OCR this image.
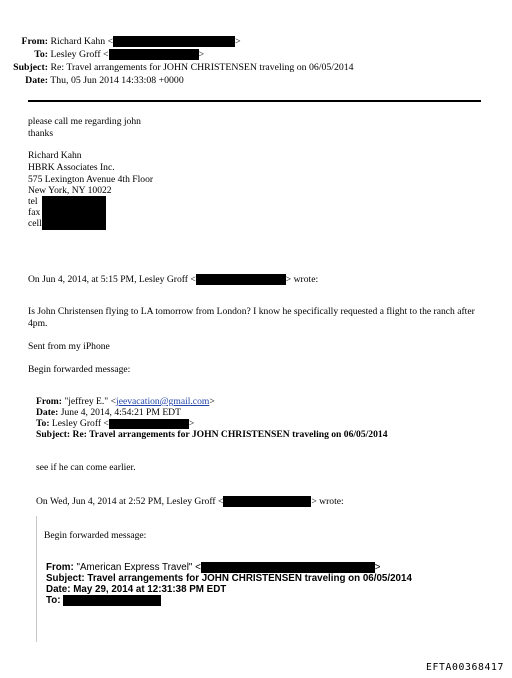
From: Richard Kahn <	>
To: Lesley Groff <	>
Subject: Re: Travel arrangements for JOHN CHRISTENSEN traveling on 06/05/2014
Date: Thu, 05 Jun 2014 14:33:08 +0000
please call me regarding john
thanks
Richard Kahn
HBRK Associates Inc.
575 Lexington Avenue 4th Floor
New York, NY 10022
tel
fax
cell
On Jun 4, 2014, at 5:15 PM, Lesley Groff <	> wrote:
Is John Christensen flying to LA tomorrow from London? I know he specifically requested a flight to the ranch after 4pm.
Sent from my iPhone
Begin forwarded message:
From: "jeffrey E." <jeevacation@gmail.com>
Date: June 4, 2014, 4:54:21 PM EDT
To: Lesley Groff <	>
Subject: Re: Travel arrangements for JOHN CHRISTENSEN traveling on 06/05/2014
see if he can come earlier.
On Wed, Jun 4, 2014 at 2:52 PM, Lesley Groff <	> wrote:
Begin forwarded message:
From: "American Express Travel" <	>
Subject: Travel arrangements for JOHN CHRISTENSEN traveling on 06/05/2014
Date: May 29, 2014 at 12:31:38 PM EDT
To:
EFTA00368417
